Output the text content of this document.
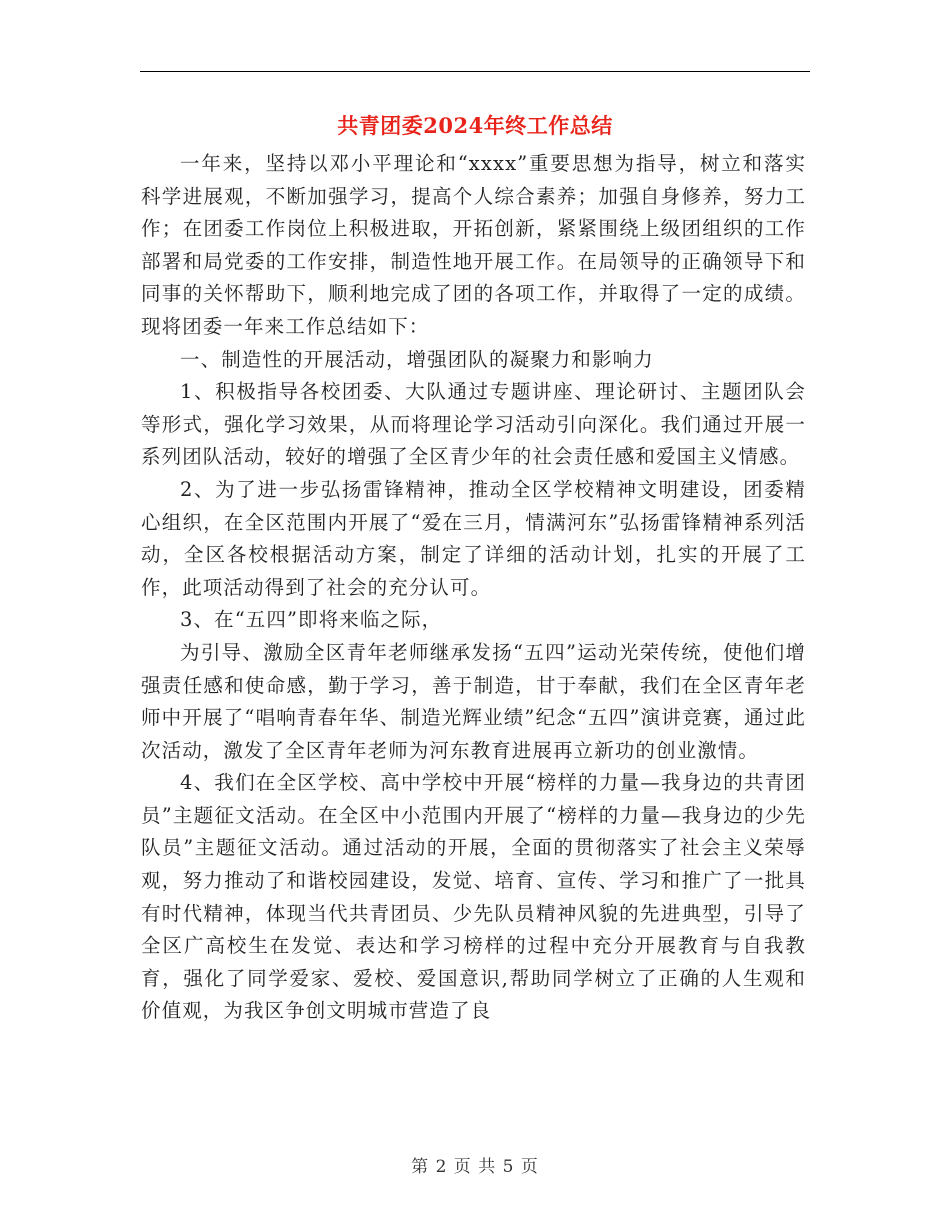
共青团委2024年终工作总结

一年来，坚持以邓小平理论和“xxxx”重要思想为指导，树立和落实科学进展观，不断加强学习，提高个人综合素养；加强自身修养，努力工作；在团委工作岗位上积极进取，开拓创新，紧紧围绕上级团组织的工作部署和局党委的工作安排，制造性地开展工作。在局领导的正确领导下和同事的关怀帮助下，顺利地完成了团的各项工作，并取得了一定的成绩。现将团委一年来工作总结如下：

一、制造性的开展活动，增强团队的凝聚力和影响力

1、积极指导各校团委、大队通过专题讲座、理论研讨、主题团队会等形式，强化学习效果，从而将理论学习活动引向深化。我们通过开展一系列团队活动，较好的增强了全区青少年的社会责任感和爱国主义情感。

2、为了进一步弘扬雷锋精神，推动全区学校精神文明建设，团委精心组织，在全区范围内开展了“爱在三月，情满河东”弘扬雷锋精神系列活动，全区各校根据活动方案，制定了详细的活动计划，扎实的开展了工作，此项活动得到了社会的充分认可。

3、在“五四”即将来临之际，

为引导、激励全区青年老师继承发扬“五四”运动光荣传统，使他们增强责任感和使命感，勤于学习，善于制造，甘于奉献，我们在全区青年老师中开展了“唱响青春年华、制造光辉业绩”纪念“五四”演讲竞赛，通过此次活动，激发了全区青年老师为河东教育进展再立新功的创业激情。

4、我们在全区学校、高中学校中开展“榜样的力量—我身边的共青团员”主题征文活动。在全区中小范围内开展了“榜样的力量—我身边的少先队员”主题征文活动。通过活动的开展，全面的贯彻落实了社会主义荣辱观，努力推动了和谐校园建设，发觉、培育、宣传、学习和推广了一批具有时代精神，体现当代共青团员、少先队员精神风貌的先进典型，引导了全区广高校生在发觉、表达和学习榜样的过程中充分开展教育与自我教育，强化了同学爱家、爱校、爱国意识,帮助同学树立了正确的人生观和价值观，为我区争创文明城市营造了良

第 2 页 共 5 页
